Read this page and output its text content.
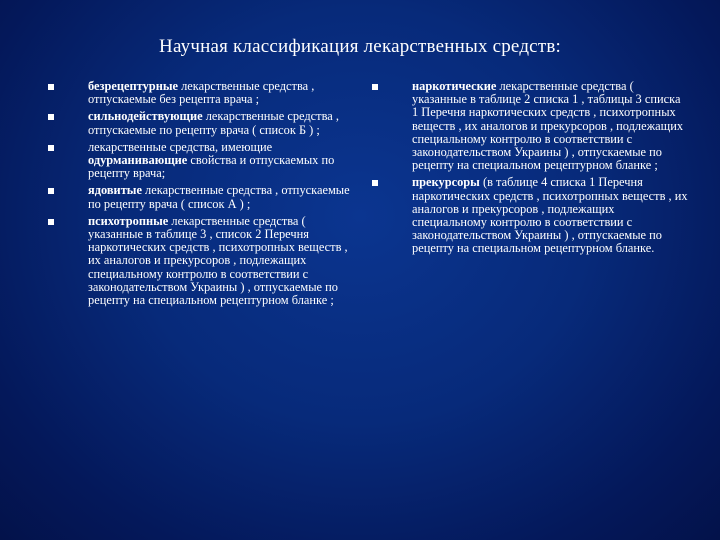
Научная классификация лекарственных средств:
безрецептурные лекарственные средства , отпускаемые без рецепта врача ;
сильнодействующие лекарственные средства , отпускаемые по рецепту врача ( список Б ) ;
лекарственные средства, имеющие одурманивающие свойства и отпускаемых по рецепту врача;
ядовитые лекарственные средства , отпускаемые по рецепту врача ( список А ) ;
психотропные лекарственные средства ( указанные в таблице 3 , список 2 Перечня наркотических средств , психотропных веществ , их аналогов и прекурсоров , подлежащих специальному контролю в соответствии с законодательством Украины ) , отпускаемые по рецепту на специальном рецептурном бланке ;
наркотические лекарственные средства ( указанные в таблице 2 списка 1 , таблицы 3 списка 1 Перечня наркотических средств , психотропных веществ , их аналогов и прекурсоров , подлежащих специальному контролю в соответствии с законодательством Украины ) , отпускаемые по рецепту на специальном рецептурном бланке ;
прекурсоры (в таблице 4 списка 1 Перечня наркотических средств , психотропных веществ , их аналогов и прекурсоров , подлежащих специальному контролю в соответствии с законодательством Украины ) , отпускаемые по рецепту на специальном рецептурном бланке.
